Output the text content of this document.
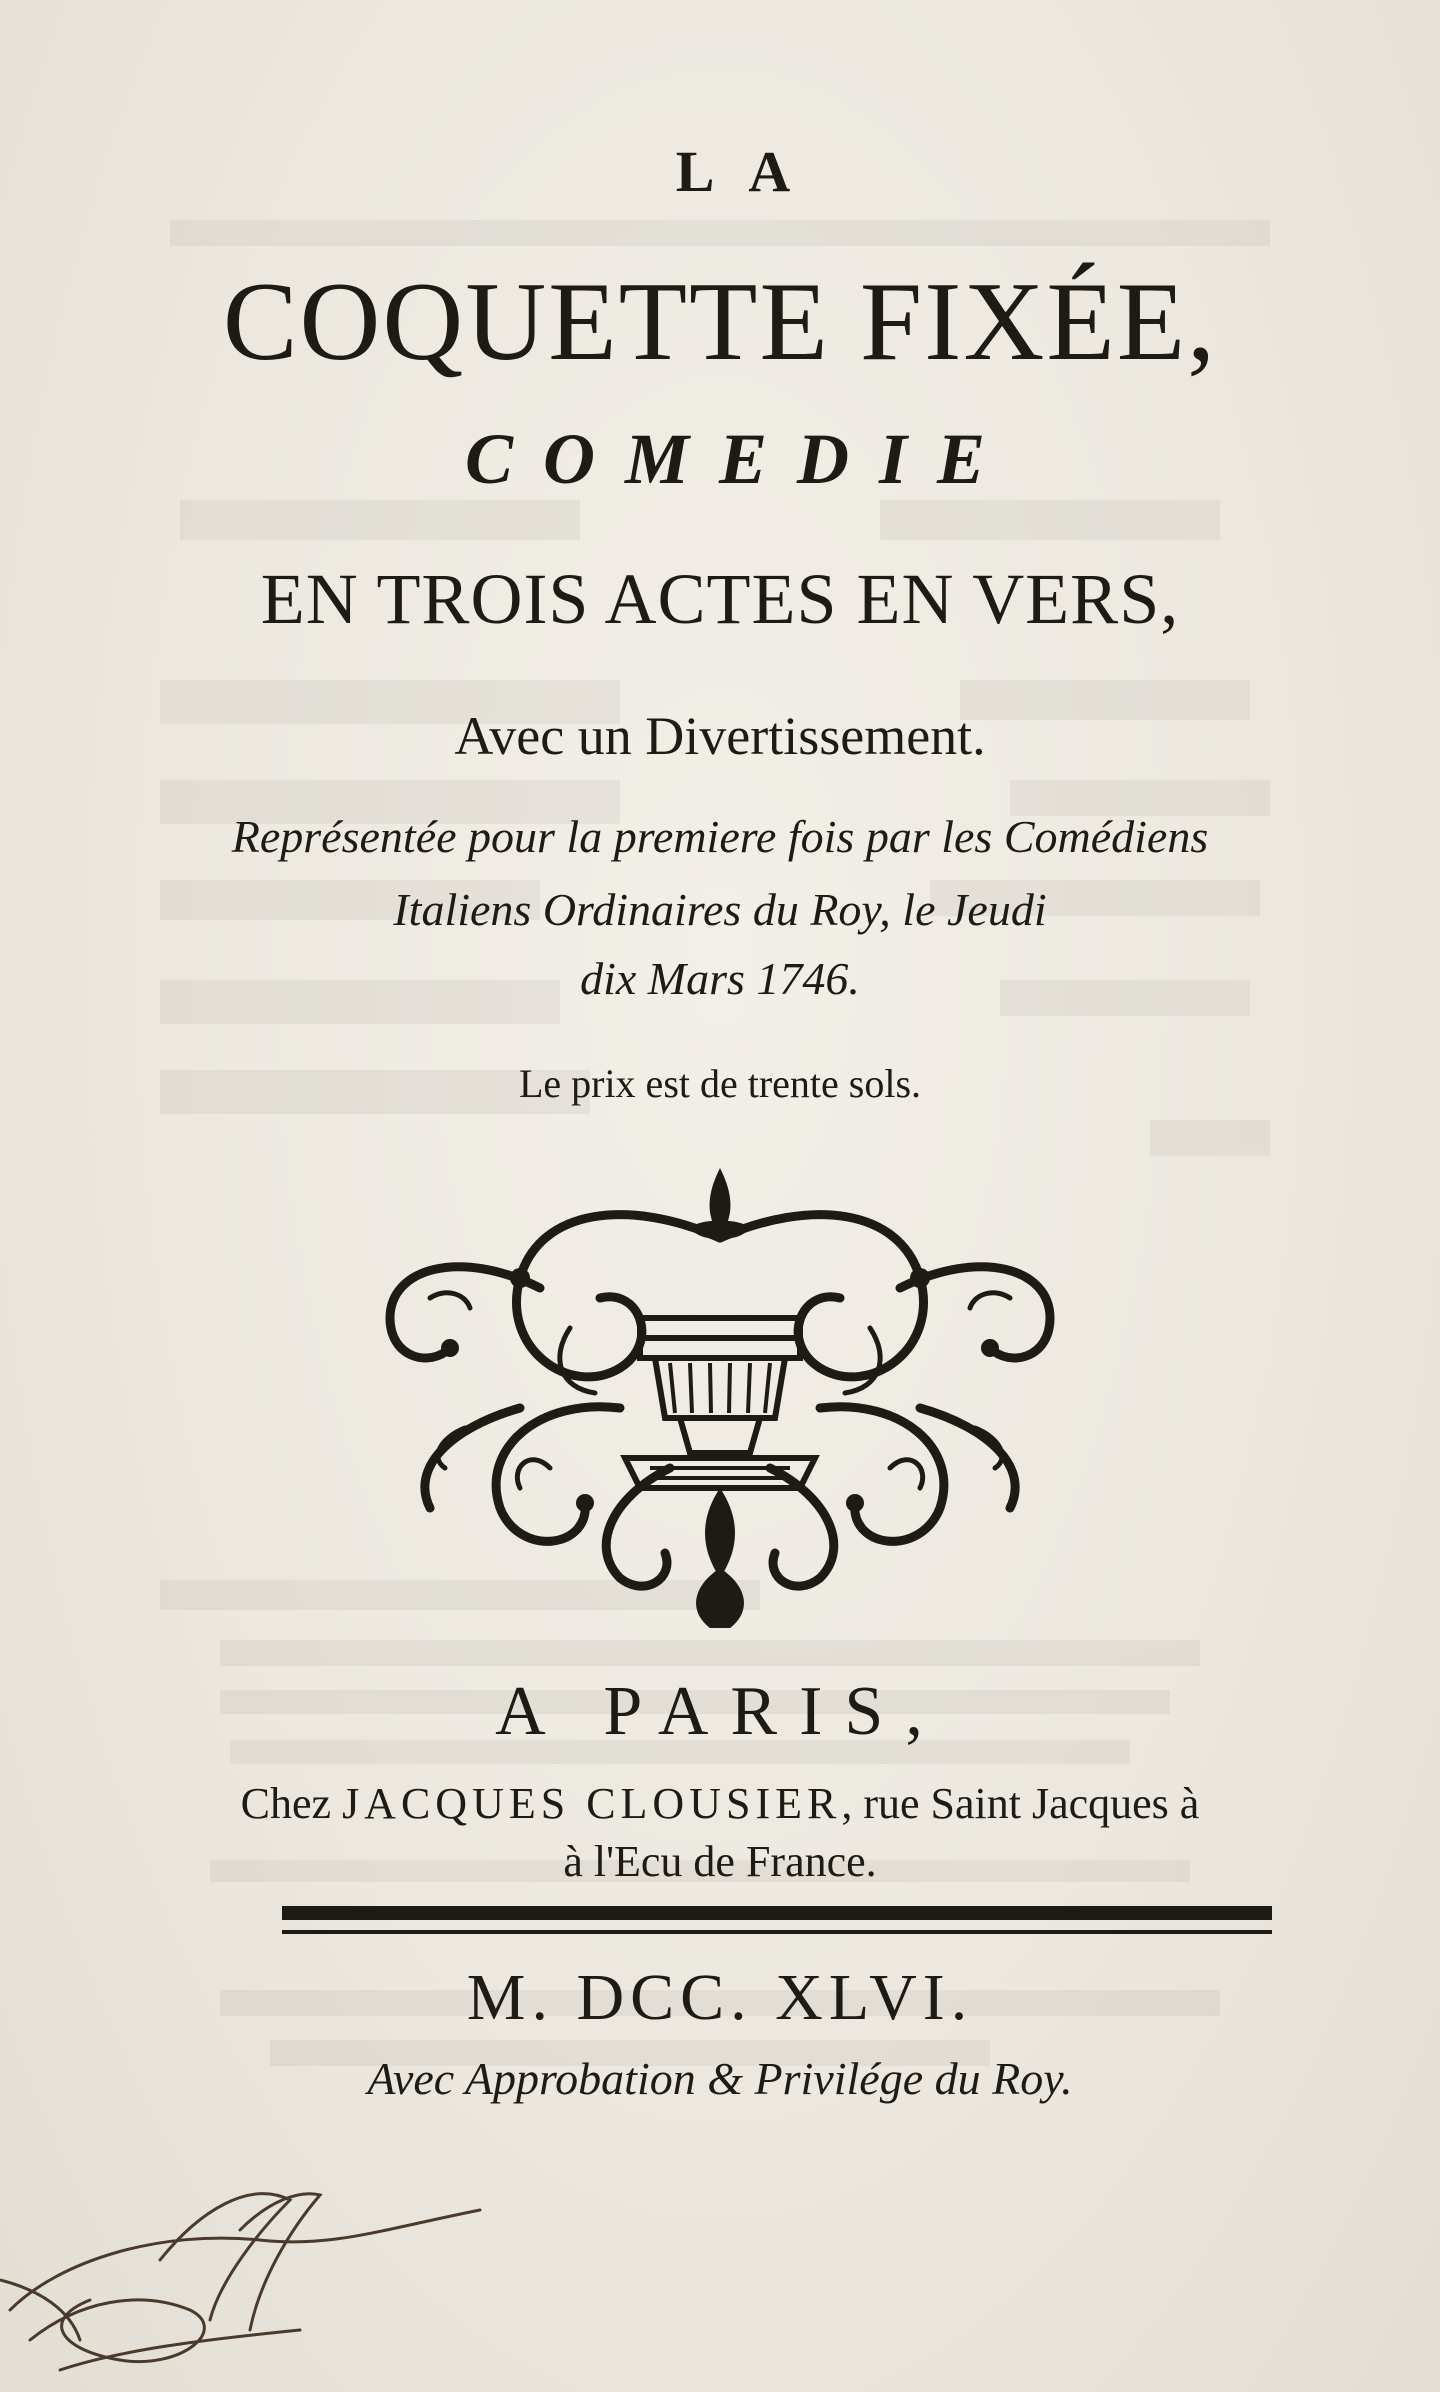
LA
COQUETTE FIXÉE,
COMEDIE
EN TROIS ACTES EN VERS,
Avec un Divertissement.
Représentée pour la premiere fois par les Comédiens
Italiens Ordinaires du Roy, le Jeudi
dix Mars 1746.
Le prix est de trente sols.
A PARIS,
Chez JACQUES CLOUSIER, rue Saint Jacques à
à l'Ecu de France.
M. DCC. XLVI.
Avec Approbation & Privilége du Roy.
